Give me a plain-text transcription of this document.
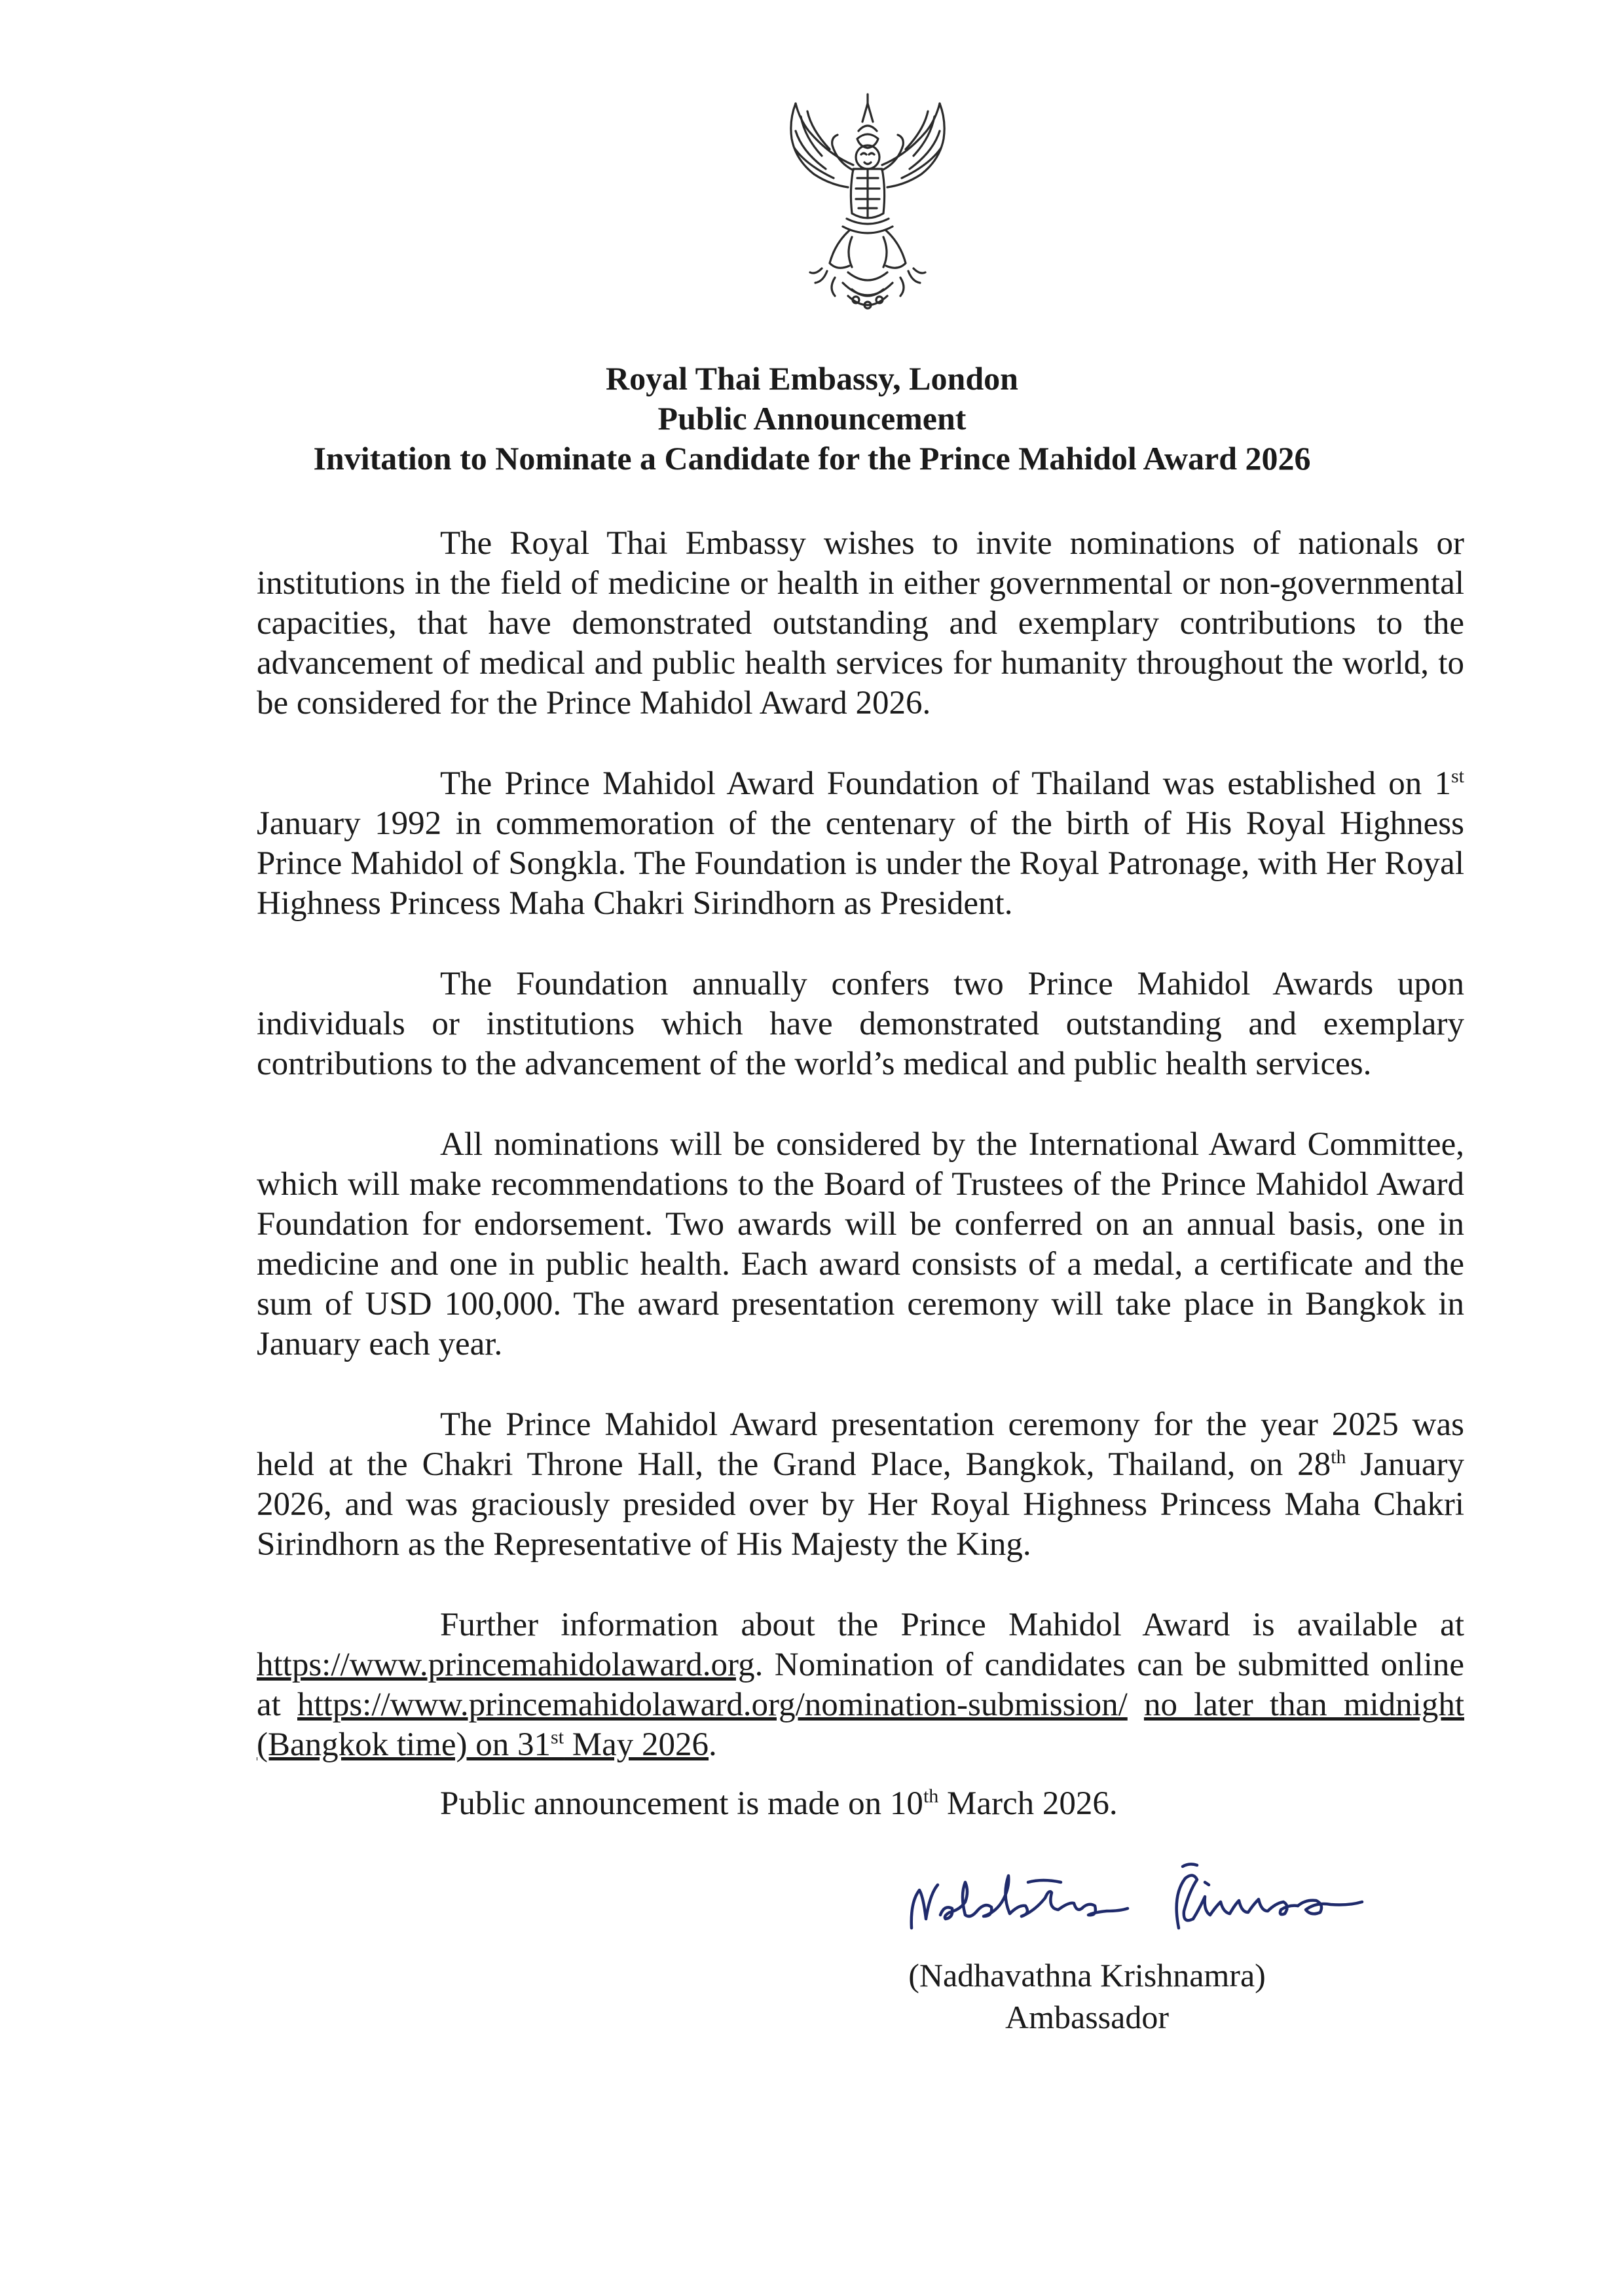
Royal Thai Embassy, London
Public Announcement
Invitation to Nominate a Candidate for the Prince Mahidol Award 2026

The Royal Thai Embassy wishes to invite nominations of nationals or institutions in the field of medicine or health in either governmental or non-governmental capacities, that have demonstrated outstanding and exemplary contributions to the advancement of medical and public health services for humanity throughout the world, to be considered for the Prince Mahidol Award 2026.

The Prince Mahidol Award Foundation of Thailand was established on 1st January 1992 in commemoration of the centenary of the birth of His Royal Highness Prince Mahidol of Songkla. The Foundation is under the Royal Patronage, with Her Royal Highness Princess Maha Chakri Sirindhorn as President.

The Foundation annually confers two Prince Mahidol Awards upon individuals or institutions which have demonstrated outstanding and exemplary contributions to the advancement of the world’s medical and public health services.

All nominations will be considered by the International Award Committee, which will make recommendations to the Board of Trustees of the Prince Mahidol Award Foundation for endorsement. Two awards will be conferred on an annual basis, one in medicine and one in public health. Each award consists of a medal, a certificate and the sum of USD 100,000. The award presentation ceremony will take place in Bangkok in January each year.

The Prince Mahidol Award presentation ceremony for the year 2025 was held at the Chakri Throne Hall, the Grand Place, Bangkok, Thailand, on 28th January 2026, and was graciously presided over by Her Royal Highness Princess Maha Chakri Sirindhorn as the Representative of His Majesty the King.

Further information about the Prince Mahidol Award is available at https://www.princemahidolaward.org. Nomination of candidates can be submitted online at https://www.princemahidolaward.org/nomination-submission/ no later than midnight (Bangkok time) on 31st May 2026.

Public announcement is made on 10th March 2026.
(Nadhavathna Krishnamra)
Ambassador
